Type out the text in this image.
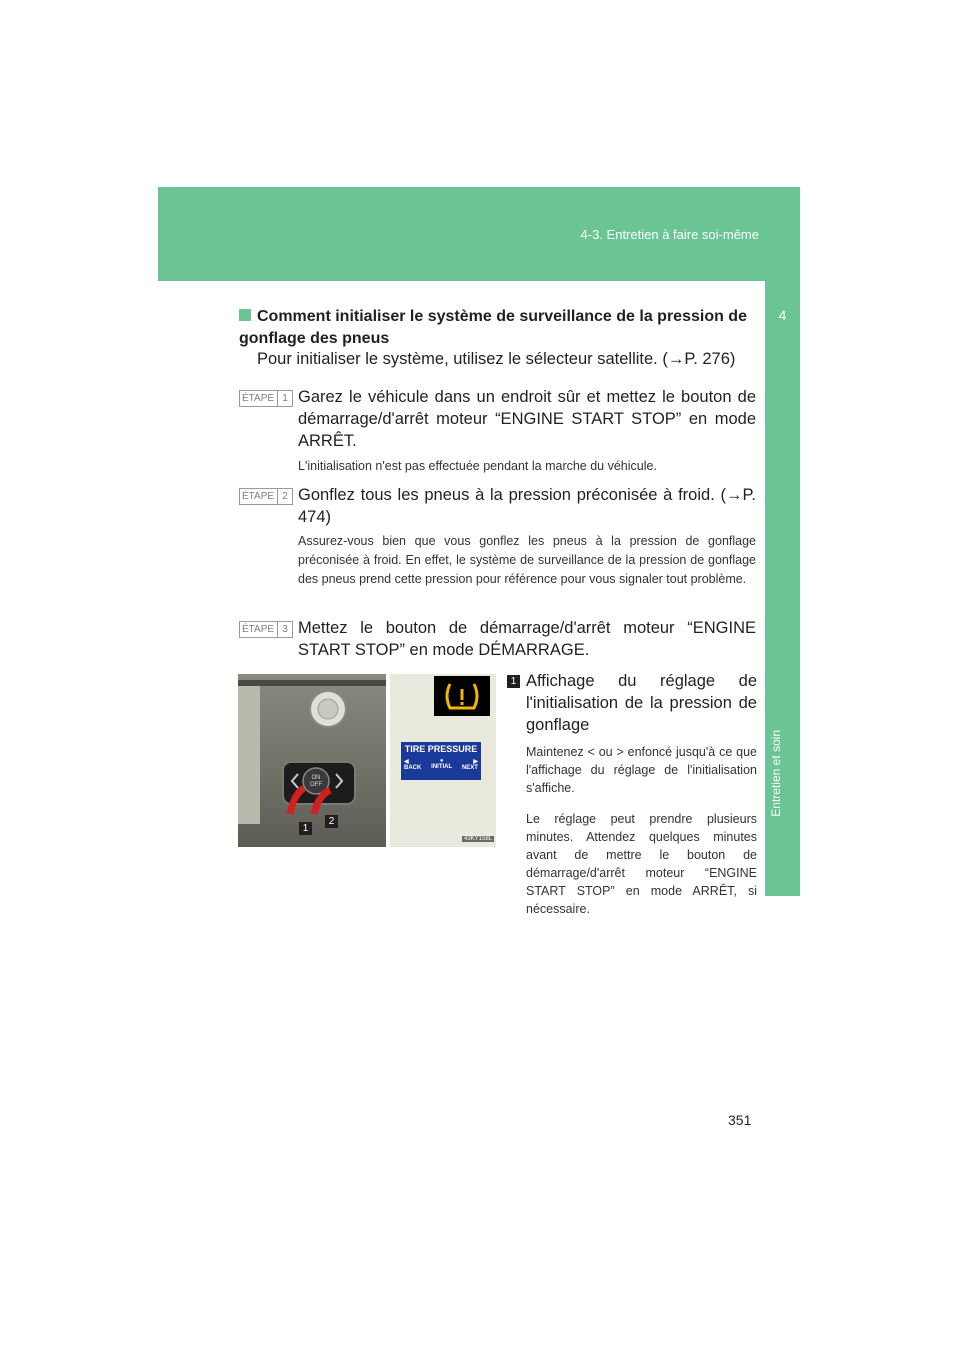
4-3. Entretien à faire soi-même
4
Entretien et soin
Comment initialiser le système de surveillance de la pression de gonflage des pneus
Pour initialiser le système, utilisez le sélecteur satellite. (→P. 276)
ÉTAPE 1 Garez le véhicule dans un endroit sûr et mettez le bouton de démarrage/d'arrêt moteur “ENGINE START STOP” en mode ARRÊT.
L'initialisation n'est pas effectuée pendant la marche du véhicule.
ÉTAPE 2 Gonflez tous les pneus à la pression préconisée à froid. (→P. 474)
Assurez-vous bien que vous gonflez les pneus à la pression de gonflage préconisée à froid. En effet, le système de surveillance de la pression de gonflage des pneus prend cette pression pour référence pour vous signaler tout problème.
ÉTAPE 3 Mettez le bouton de démarrage/d'arrêt moteur “ENGINE START STOP” en mode DÉMARRAGE.
ON
OFF
1
2
TIRE PRESSURE
◀
BACK
●
INITIAL
▶
NEXT
43KY158L
1 Affichage du réglage de l'initialisation de la pression de gonflage
Maintenez < ou > enfoncé jusqu'à ce que l'affichage du réglage de l'initialisation s'affiche.
Le réglage peut prendre plusieurs minutes. Attendez quelques minutes avant de mettre le bouton de démarrage/d'arrêt moteur “ENGINE START STOP” en mode ARRÊT, si nécessaire.
351
